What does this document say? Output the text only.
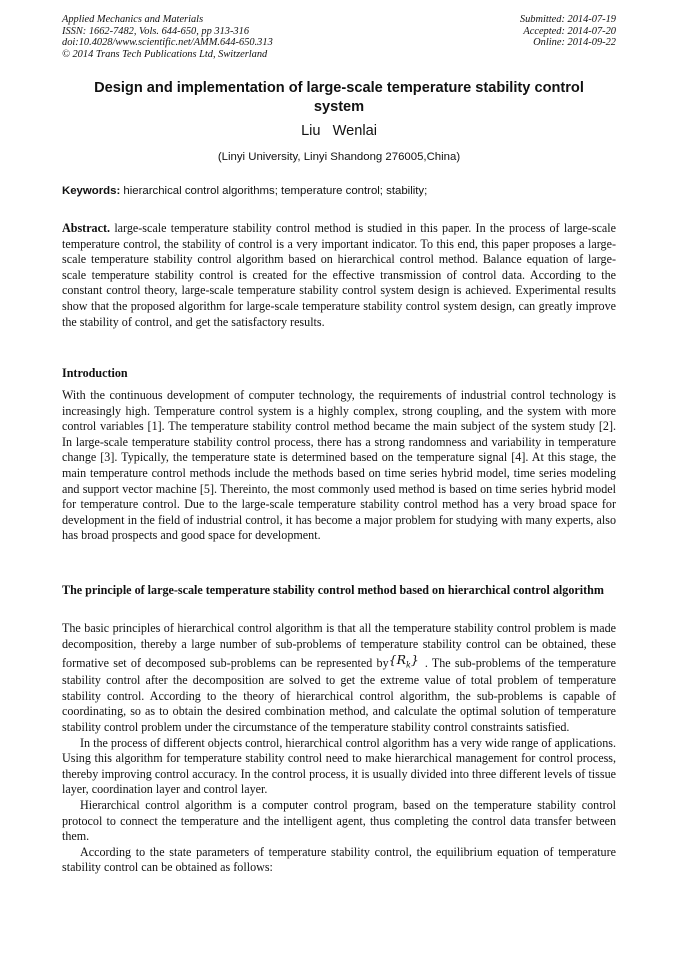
Applied Mechanics and Materials
ISSN: 1662-7482, Vols. 644-650, pp 313-316
doi:10.4028/www.scientific.net/AMM.644-650.313
© 2014 Trans Tech Publications Ltd, Switzerland
Submitted: 2014-07-19
Accepted: 2014-07-20
Online: 2014-09-22
Design and implementation of large-scale temperature stability control
system
Liu Wenlai
(Linyi University, Linyi Shandong 276005,China)
Keywords: hierarchical control algorithms; temperature control; stability;

Abstract. large-scale temperature stability control method is studied in this paper. In the process of large-scale temperature control, the stability of control is a very important indicator. To this end, this paper proposes a large-scale temperature stability control algorithm based on hierarchical control method. Balance equation of large-scale temperature stability control is created for the effective transmission of control data. According to the constant control theory, large-scale temperature stability control system design is achieved. Experimental results show that the proposed algorithm for large-scale temperature stability control system design, can greatly improve the stability of control, and get the satisfactory results.

Introduction

With the continuous development of computer technology, the requirements of industrial control technology is increasingly high. Temperature control system is a highly complex, strong coupling, and the system with more control variables [1]. The temperature stability control method became the main subject of the system study [2]. In large-scale temperature stability control process, there has a strong randomness and variability in temperature change [3]. Typically, the temperature state is determined based on the temperature signal [4]. At this stage, the main temperature control methods include the methods based on time series hybrid model, time series modeling and support vector machine [5]. Thereinto, the most commonly used method is based on time series hybrid model for temperature control. Due to the large-scale temperature stability control method has a very broad space for development in the field of industrial control, it has become a major problem for studying with many experts, also has broad prospects and good space for development.

The principle of large-scale temperature stability control method based on hierarchical control algorithm

The basic principles of hierarchical control algorithm is that all the temperature stability control problem is made decomposition, thereby a large number of sub-problems of temperature stability control can be obtained, these formative set of decomposed sub-problems can be represented $by\{R_k\}$ . The sub-problems of the temperature stability control after the decomposition are solved to get the extreme value of total problem of temperature stability control. According to the theory of hierarchical control algorithm, the sub-problems is capable of coordinating, so as to obtain the desired combination method, and calculate the optimal solution of temperature stability control problem under the circumstance of the temperature stability control constraints satisfied.

In the process of different objects control, hierarchical control algorithm has a very wide range of applications. Using this algorithm for temperature stability control need to make hierarchical management for control process, thereby improving control accuracy. In the control process, it is usually divided into three different levels of tissue layer, coordination layer and control layer.

Hierarchical control algorithm is a computer control program, based on the temperature stability control protocol to connect the temperature and the intelligent agent, thus completing the control data transfer between them.

According to the state parameters of temperature stability control, the equilibrium equation of temperature stability control can be obtained as follows:
